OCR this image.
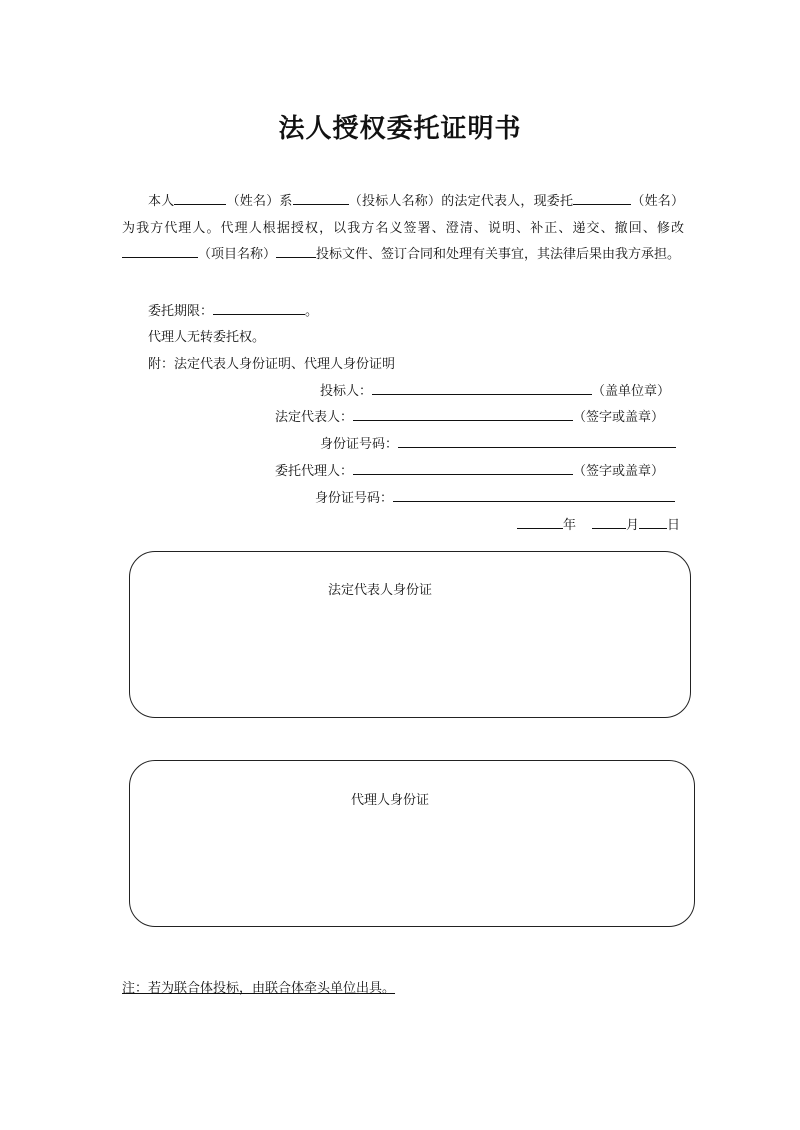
法人授权委托证明书
本人	（姓名）系	（投标人名称）的法定代表人，现委托	（姓名）为我方代理人。代理人根据授权，以我方名义签署、澄清、说明、补正、递交、撤回、修改（项目名称）	投标文件、签订合同和处理有关事宜，其法律后果由我方承担。
委托期限：	。
代理人无转委托权。
附：法定代表人身份证明、代理人身份证明
投标人：	（盖单位章）
法定代表人：	（签字或盖章）
身份证号码：
委托代理人：	（签字或盖章）
身份证号码：
年	月 日
法定代表人身份证
代理人身份证
注：若为联合体投标，由联合体牵头单位出具。
